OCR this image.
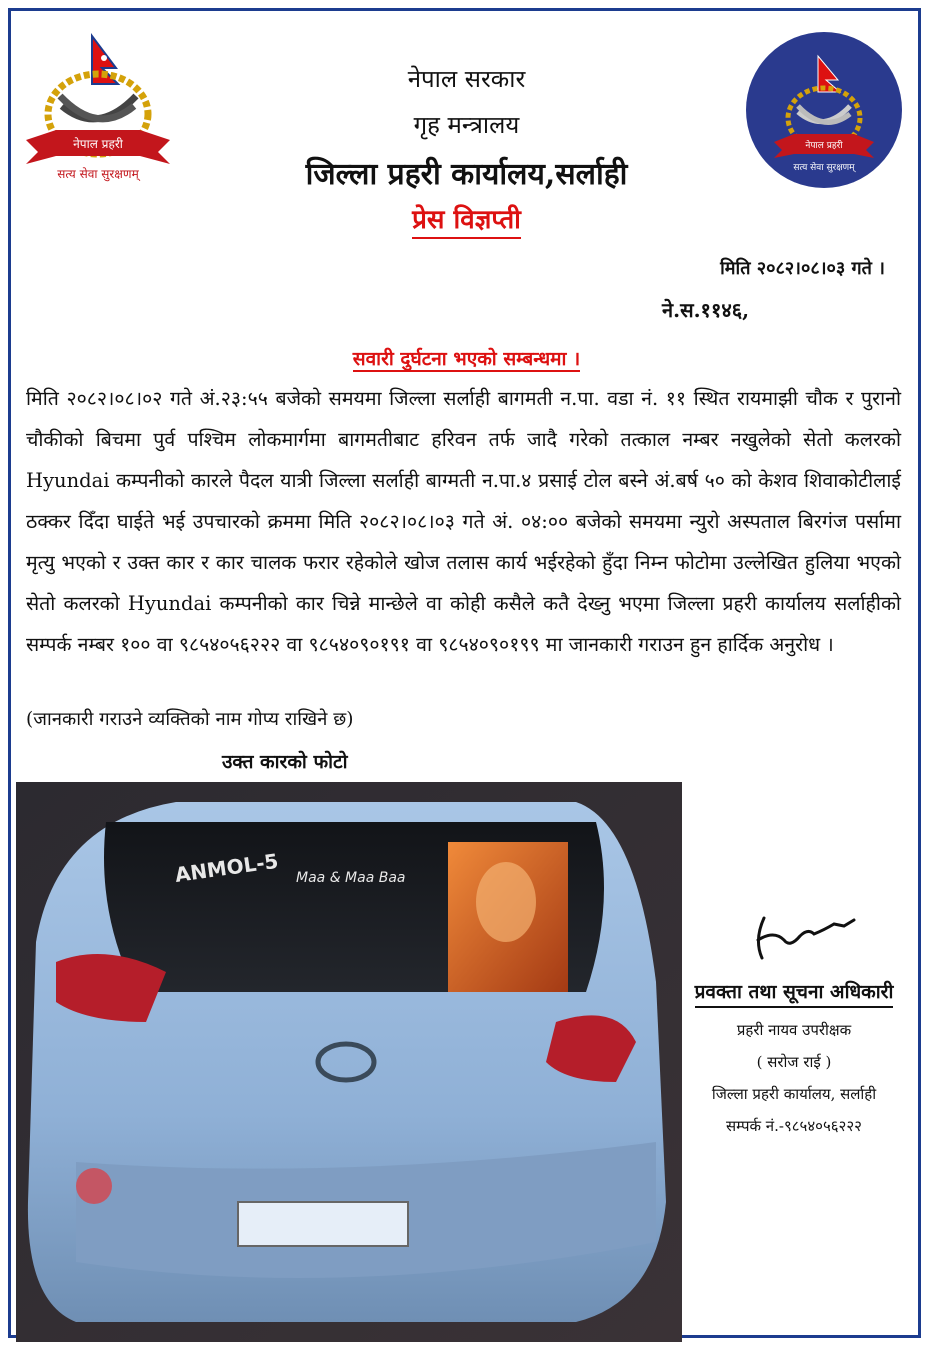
नेपाल प्रहरी
सत्य सेवा सुरक्षणम्
नेपाल प्रहरी
सत्य सेवा सुरक्षणम्
नेपाल सरकार
गृह मन्त्रालय
जिल्ला प्रहरी कार्यालय,सर्लाही
प्रेस विज्ञप्ती
मिति २०८२।०८।०३ गते ।
ने.स.११४६,
सवारी दुर्घटना भएको सम्बन्धमा ।
मिति २०८२।०८।०२ गते अं.२३:५५ बजेको समयमा जिल्ला सर्लाही बागमती न.पा. वडा नं. ११ स्थित रायमाझी चौक र पुरानो चौकीको बिचमा पुर्व पश्चिम लोकमार्गमा बागमतीबाट हरिवन तर्फ जादै गरेको तत्काल नम्बर नखुलेको सेतो कलरको Hyundai कम्पनीको कारले पैदल यात्री जिल्ला सर्लाही बाग्मती न.पा.४ प्रसाई टोल बस्ने अं.बर्ष ५० को केशव शिवाकोटीलाई ठक्कर दिँदा घाईते भई उपचारको क्रममा मिति २०८२।०८।०३ गते अं. ०४:०० बजेको समयमा न्युरो अस्पताल बिरगंज पर्सामा मृत्यु भएको र उक्त कार र कार चालक फरार रहेकोले खोज तलास कार्य भईरहेको हुँदा निम्न फोटोमा उल्लेखित हुलिया भएको सेतो कलरको Hyundai कम्पनीको कार चिन्ने मान्छेले वा कोही कसैले कतै देख्नु भएमा जिल्ला प्रहरी कार्यालय सर्लाहीको सम्पर्क नम्बर १०० वा ९८५४०५६२२२ वा ९८५४०९०१९१ वा ९८५४०९०१९९ मा जानकारी गराउन हुन हार्दिक अनुरोध ।
(जानकारी गराउने व्यक्तिको नाम गोप्य राखिने छ)
उक्त कारको फोटो
ANMOL-5 Maa & Maa Baa
प्रवक्ता तथा सूचना अधिकारी
प्रहरी नायव उपरीक्षक
( सरोज राई )
जिल्ला प्रहरी कार्यालय, सर्लाही
सम्पर्क नं.-९८५४०५६२२२
